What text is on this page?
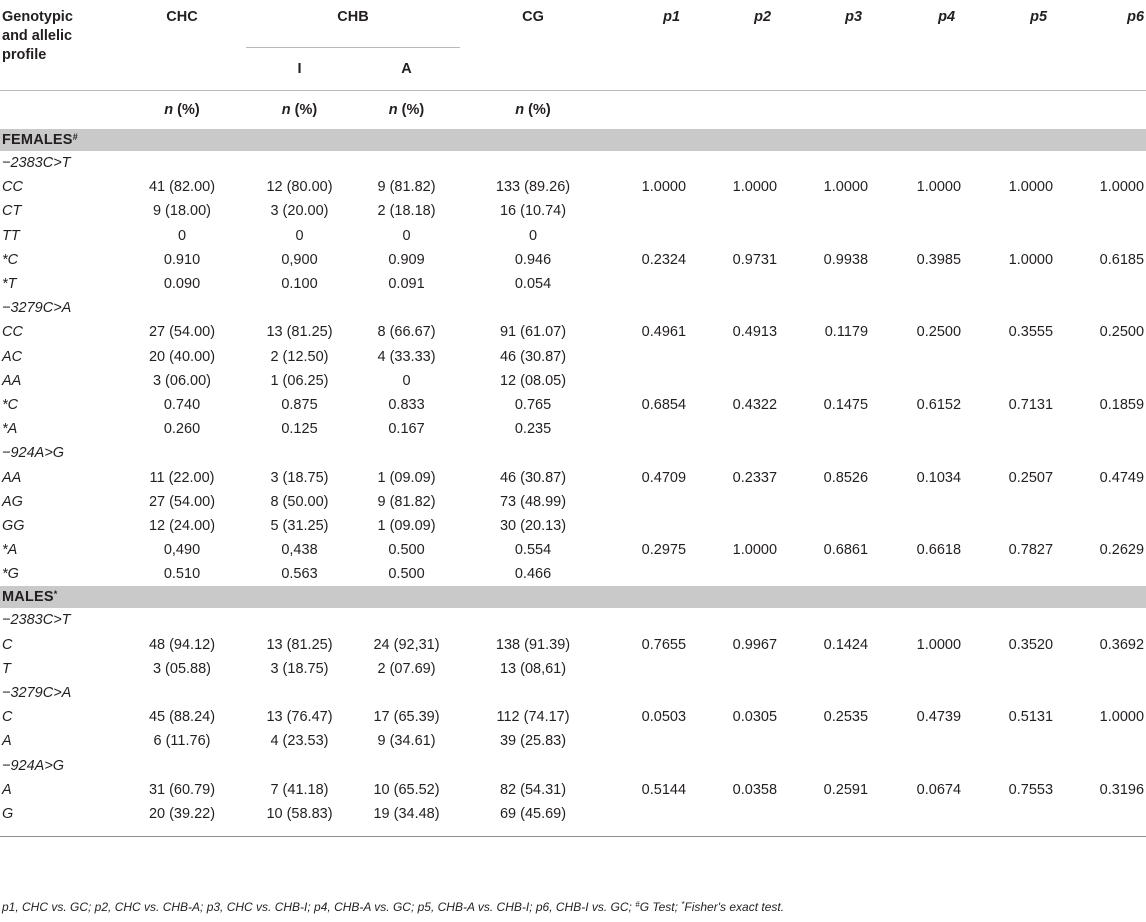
Genotypic
and allelic
profile	CHC	CHB		CG	p1	p2	p3	p4	p5	p6
		I	A							
	n (%)	n (%)	n (%)	n (%)						
FEMALES#
−2383C>T										
CC	41 (82.00)	12 (80.00)	9 (81.82)	133 (89.26)	1.0000	1.0000	1.0000	1.0000	1.0000	1.0000
CT	9 (18.00)	3 (20.00)	2 (18.18)	16 (10.74)						
TT	0	0	0	0						
*C	0.910	0,900	0.909	0.946	0.2324	0.9731	0.9938	0.3985	1.0000	0.6185
*T	0.090	0.100	0.091	0.054						
−3279C>A										
CC	27 (54.00)	13 (81.25)	8 (66.67)	91 (61.07)	0.4961	0.4913	0.1179	0.2500	0.3555	0.2500
AC	20 (40.00)	2 (12.50)	4 (33.33)	46 (30.87)						
AA	3 (06.00)	1 (06.25)	0	12 (08.05)						
*C	0.740	0.875	0.833	0.765	0.6854	0.4322	0.1475	0.6152	0.7131	0.1859
*A	0.260	0.125	0.167	0.235						
−924A>G										
AA	11 (22.00)	3 (18.75)	1 (09.09)	46 (30.87)	0.4709	0.2337	0.8526	0.1034	0.2507	0.4749
AG	27 (54.00)	8 (50.00)	9 (81.82)	73 (48.99)						
GG	12 (24.00)	5 (31.25)	1 (09.09)	30 (20.13)						
*A	0,490	0,438	0.500	0.554	0.2975	1.0000	0.6861	0.6618	0.7827	0.2629
*G	0.510	0.563	0.500	0.466						
MALES*
−2383C>T										
C	48 (94.12)	13 (81.25)	24 (92,31)	138 (91.39)	0.7655	0.9967	0.1424	1.0000	0.3520	0.3692
T	3 (05.88)	3 (18.75)	2 (07.69)	13 (08,61)						
−3279C>A										
C	45 (88.24)	13 (76.47)	17 (65.39)	112 (74.17)	0.0503	0.0305	0.2535	0.4739	0.5131	1.0000
A	6 (11.76)	4 (23.53)	9 (34.61)	39 (25.83)						
−924A>G										
A	31 (60.79)	7 (41.18)	10 (65.52)	82 (54.31)	0.5144	0.0358	0.2591	0.0674	0.7553	0.3196
G	20 (39.22)	10 (58.83)	19 (34.48)	69 (45.69)						

p1, CHC vs. GC; p2, CHC vs. CHB-A; p3, CHC vs. CHB-I; p4, CHB-A vs. GC; p5, CHB-A vs. CHB-I; p6, CHB-I vs. GC; #G Test; *Fisher's exact test.
